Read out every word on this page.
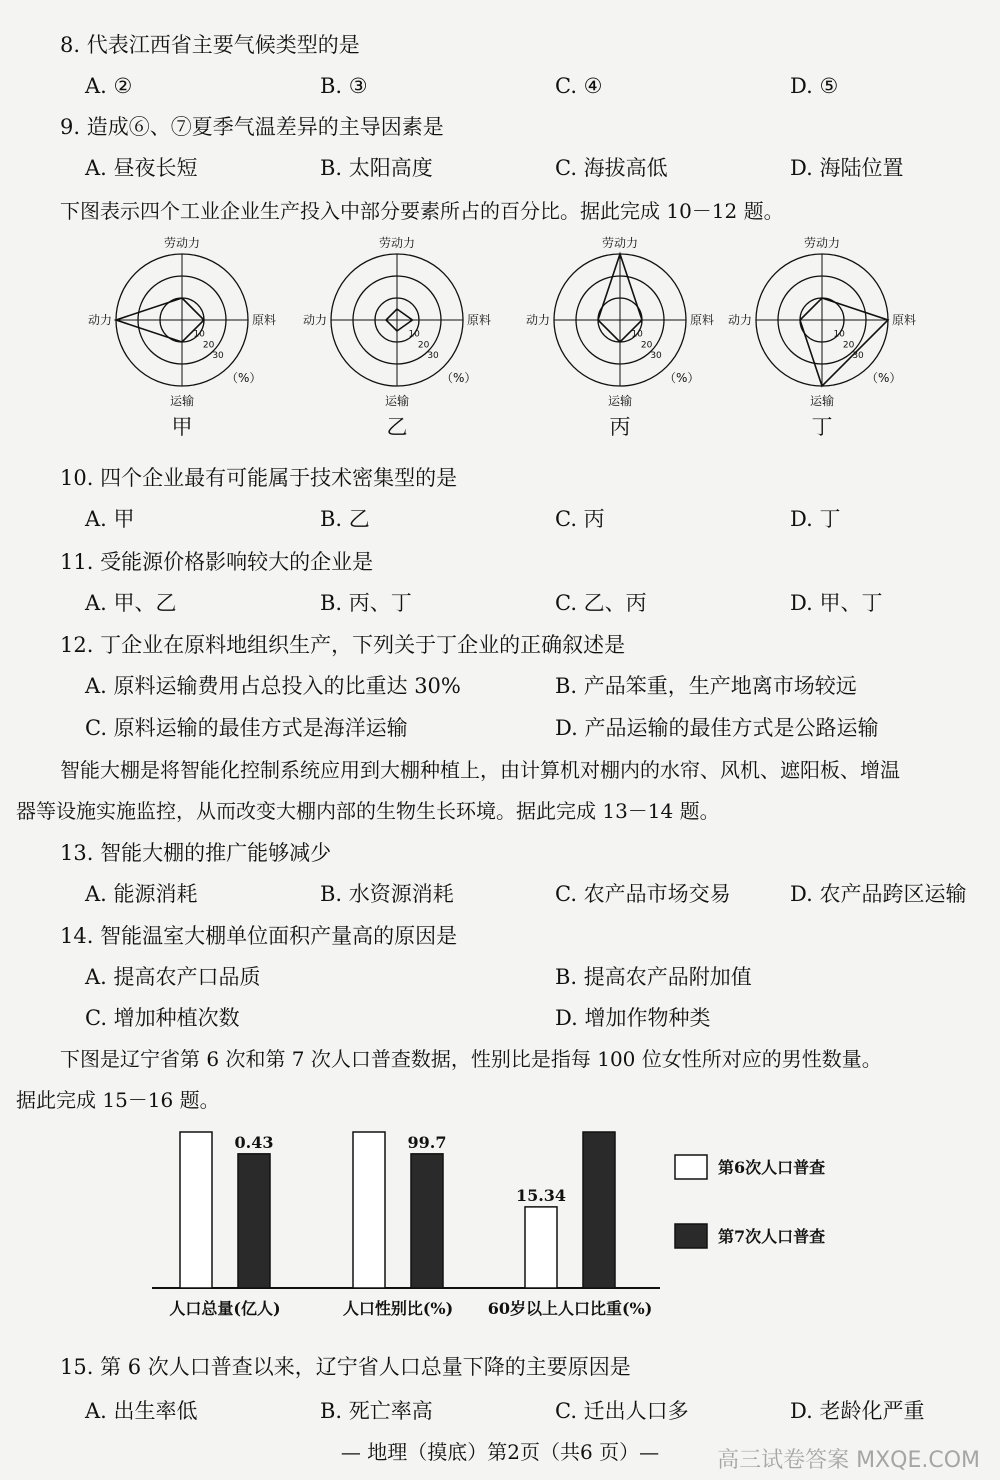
8. 代表江西省主要气候类型的是
A. ②	B. ③	C. ④	D. ⑤
9. 造成⑥、⑦夏季气温差异的主导因素是
A. 昼夜长短	B. 太阳高度	C. 海拔高低	D. 海陆位置
下图表示四个工业企业生产投入中部分要素所占的百分比。据此完成 10－12 题。
10
20
30
（%）
劳动力
动力	原料
运输
甲
10
20
30
（%）
劳动力
动力	原料
运输
乙
10
20
30
（%）
劳动力
动力	原料
运输
丙
10
20
30
（%）
劳动力
动力	原料
运输
丁
10. 四个企业最有可能属于技术密集型的是
A. 甲	B. 乙	C. 丙	D. 丁
11. 受能源价格影响较大的企业是
A. 甲、乙	B. 丙、丁	C. 乙、丙	D. 甲、丁
12. 丁企业在原料地组织生产，下列关于丁企业的正确叙述是
A. 原料运输费用占总投入的比重达 30%	B. 产品笨重，生产地离市场较远
C. 原料运输的最佳方式是海洋运输	D. 产品运输的最佳方式是公路运输
智能大棚是将智能化控制系统应用到大棚种植上，由计算机对棚内的水帘、风机、遮阳板、增温
器等设施实施监控，从而改变大棚内部的生物生长环境。据此完成 13－14 题。
13. 智能大棚的推广能够减少
A. 能源消耗	B. 水资源消耗	C. 农产品市场交易	D. 农产品跨区运输
14. 智能温室大棚单位面积产量高的原因是
A. 提高农产口品质	B. 提高农产品附加值
C. 增加种植次数	D. 增加作物种类
下图是辽宁省第 6 次和第 7 次人口普查数据，性别比是指每 100 位女性所对应的男性数量。
据此完成 15－16 题。
0.43
人口总量(亿人)
99.7
人口性别比(%)
15.34
60岁以上人口比重(%)
第6次人口普查
第7次人口普查
15. 第 6 次人口普查以来，辽宁省人口总量下降的主要原因是
A. 出生率低	B. 死亡率高	C. 迁出人口多	D. 老龄化严重
— 地理（摸底）第2页（共6 页）—	高三试卷答案 MXQE.COM
